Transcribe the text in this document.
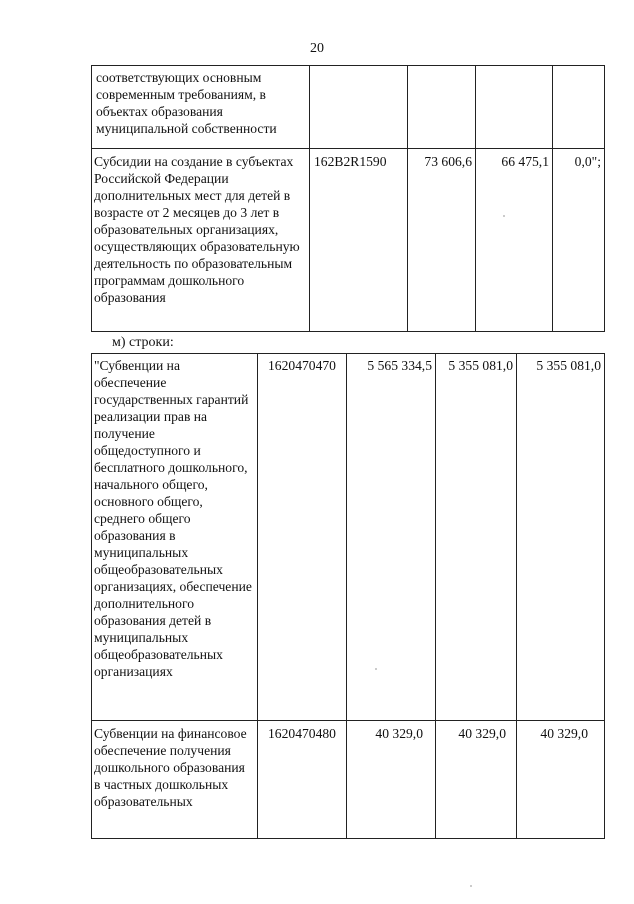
20
соответствующих основным современным требованиям, в объектах образования муниципальной собственности
Субсидии на создание в субъектах Российской Федерации дополнительных мест для детей в возрасте от 2 месяцев до 3 лет в образовательных организациях, осуществляющих образовательную деятельность по образовательным программам дошкольного образования
162B2R1590	73 606,6	66 475,1	0,0";
м) строки:
"Субвенции на обеспечение государственных гарантий реализации прав на получение общедоступного и бесплатного дошкольного, начального общего, основного общего, среднего общего образования в муниципальных общеобразовательных организациях, обеспечение дополнительного образования детей в муниципальных общеобразовательных организациях
1620470470	5 565 334,5	5 355 081,0	5 355 081,0
Субвенции на финансовое обеспечение получения дошкольного образования в частных дошкольных образовательных
1620470480	40 329,0	40 329,0	40 329,0
